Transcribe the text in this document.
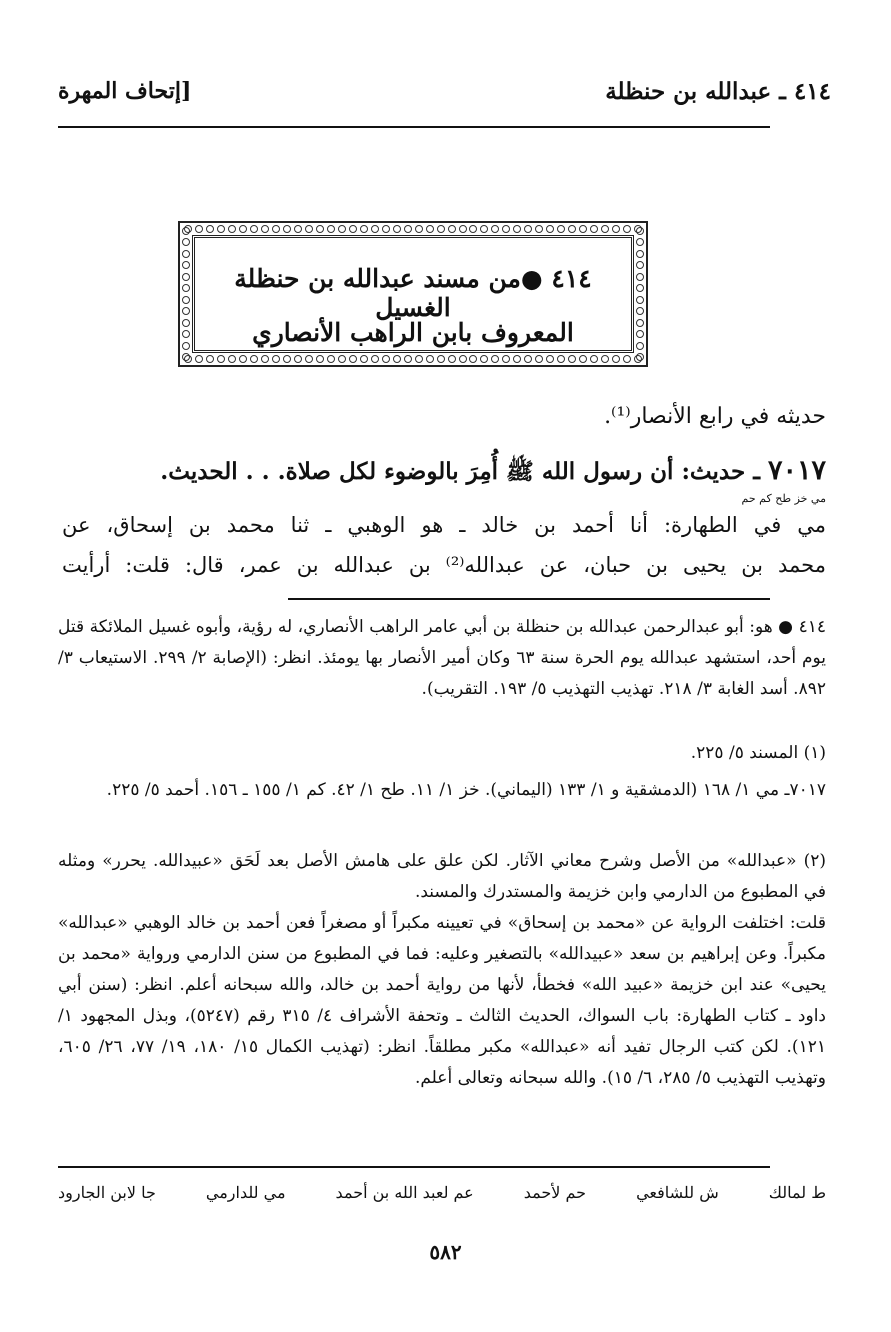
٤١٤ ـ عبدالله بن حنظلة
[إتحاف المهرة
٤١٤ ●من مسند عبدالله بن حنظلة الغسيل
المعروف بابن الراهب الأنصاري
حديثه في رابع الأنصار⁽¹⁾.
٧٠١٧ ـ حديث: أن رسول الله ﷺ أُمِرَ بالوضوء لكل صلاة. . . الحديث.
مي خز طح كم حم
مي في الطهارة: أنا أحمد بن خالد ـ هو الوهبي ـ ثنا محمد بن إسحاق، عن
محمد بن يحيى بن حبان، عن عبدالله⁽²⁾ بن عبدالله بن عمر، قال: قلت: أرأيت
٤١٤ ● هو: أبو عبدالرحمن عبدالله بن حنظلة بن أبي عامر الراهب الأنصاري، له رؤية، وأبوه غسيل الملائكة قتل يوم أحد، استشهد عبدالله يوم الحرة سنة ٦٣ وكان أمير الأنصار بها يومئذ. انظر: (الإصابة ٢/ ٢٩٩. الاستيعاب ٣/ ٨٩٢. أسد الغابة ٣/ ٢١٨. تهذيب التهذيب ٥/ ١٩٣. التقريب).
(١) المسند ٥/ ٢٢٥.
٧٠١٧ـ مي ١/ ١٦٨ (الدمشقية و ١/ ١٣٣ (اليماني). خز ١/ ١١. طح ١/ ٤٢. كم ١/ ١٥٥ ـ ١٥٦. أحمد ٥/ ٢٢٥.
(٢) «عبدالله» من الأصل وشرح معاني الآثار. لكن علق على هامش الأصل بعد لَحَق «عبيدالله. يحرر» ومثله في المطبوع من الدارمي وابن خزيمة والمستدرك والمسند.
قلت: اختلفت الرواية عن «محمد بن إسحاق» في تعيينه مكبراً أو مصغراً فعن أحمد بن خالد الوهبي «عبدالله» مكبراً. وعن إبراهيم بن سعد «عبيدالله» بالتصغير وعليه: فما في المطبوع من سنن الدارمي ورواية «محمد بن يحيى» عند ابن خزيمة «عبيد الله» فخطأ، لأنها من رواية أحمد بن خالد، والله سبحانه أعلم. انظر: (سنن أبي داود ـ كتاب الطهارة: باب السواك، الحديث الثالث ـ وتحفة الأشراف ٤/ ٣١٥ رقم (٥٢٤٧)، وبذل المجهود ١/ ١٢١). لكن كتب الرجال تفيد أنه «عبدالله» مكبر مطلقاً. انظر: (تهذيب الكمال ١٥/ ١٨٠، ١٩/ ٧٧، ٢٦/ ٦٠٥، وتهذيب التهذيب ٥/ ٢٨٥، ٦/ ١٥). والله سبحانه وتعالى أعلم.
ط لمالك
ش للشافعي
حم لأحمد
عم لعبد الله بن أحمد
مي للدارمي
جا لابن الجارود
٥٨٢
